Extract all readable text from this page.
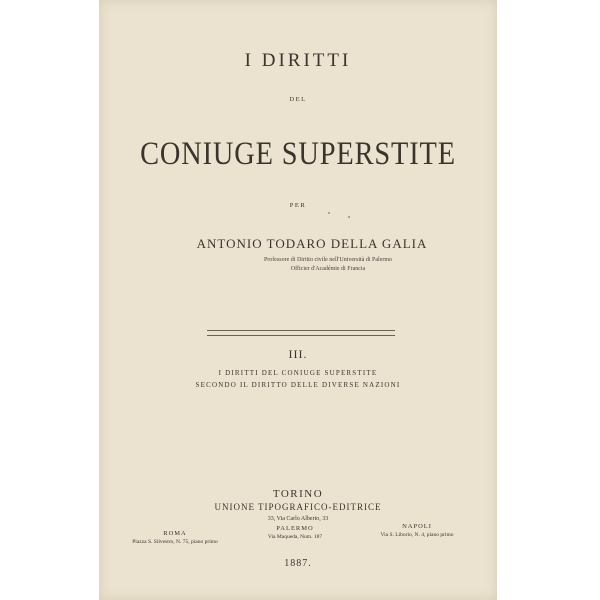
I DIRITTI
DEL
CONIUGE SUPERSTITE
PER
ANTONIO TODARO DELLA GALIA
Professore di Diritto civile nell'Università di Palermo
Officier d'Académie di Francia
III.
I DIRITTI DEL CONIUGE SUPERSTITE
SECONDO IL DIRITTO DELLE DIVERSE NAZIONI
TORINO
UNIONE TIPOGRAFICO-EDITRICE
33, Via Carlo Alberto, 33
ROMA
Piazza S. Silvestro, N. 75, piano primo
PALERMO
Via Maqueda, Num. 187
NAPOLI
Via S. Liborio, N. 4, piano primo
1887.
